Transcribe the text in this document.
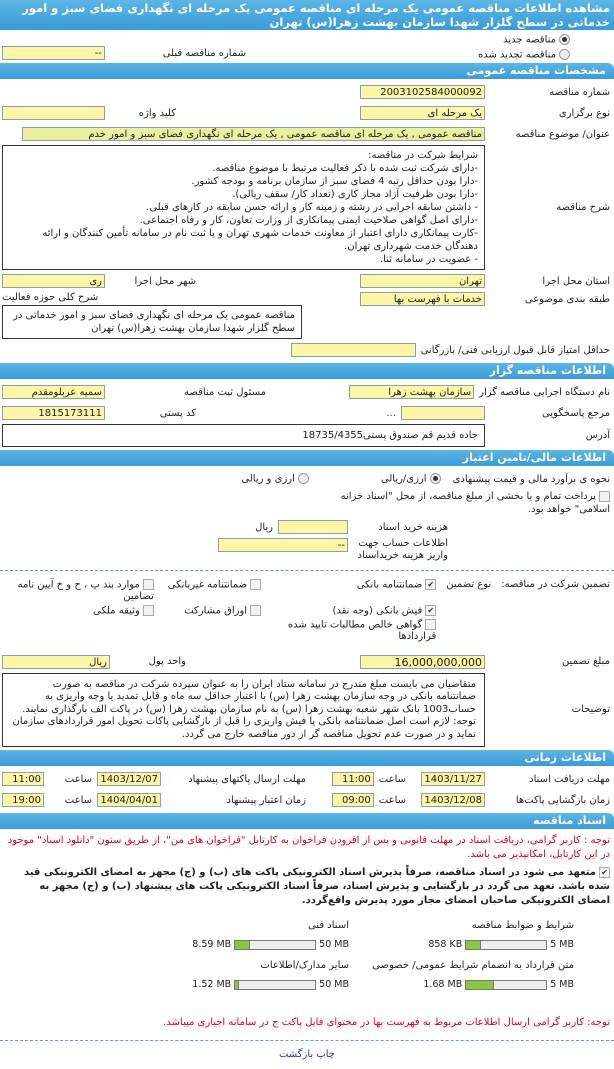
مشاهده اطلاعات مناقصه عمومی یک مرحله ای مناقصه عمومی یک مرحله ای نگهداری فضای سبز و امور خدماتی در سطح گلزار شهدا سازمان بهشت زهرا(س) تهران
مناقصه جدید
مناقصه تجدید شده
شماره مناقصه قبلی
--
مشخصات مناقصه عمومی
شماره مناقصه
2003102584000092
نوع برگزاری
یک مرحله ای
کلید واژه
عنوان/ موضوع مناقصه
مناقصه عمومی , یک مرحله ای مناقصه عمومی , یک مرحله ای نگهداری فضای سبز و امور خدم
شرح مناقصه
شرایط شرکت در مناقصه:
-دارای شرکت ثبت شده با ذکر فعالیت مرتبط با موضوع مناقصه.
-دارا بودن حداقل رتبه 4 فضای سبز از سازمان برنامه و بودجه کشور.
-دارا بودن ظرفیت آزاد مجاز کاری (تعداد کار/ سقف ریالی).
- داشتن سابقه اجرایی در رشته و زمینه کار و ارائه حسن سابقه در کارهای قبلی.
-دارای اصل گواهی صلاحیت ایمنی پیمانکاری از وزارت تعاون، کار و رفاه اجتماعی.
-کارت پیمانکاری دارای اعتبار از معاونت خدمات شهری تهران و یا ثبت نام در سامانه تأمین کنندگان و ارائه دهندگان خدمت شهرداری تهران.
- عضویت در سامانه ثنا.
استان محل اجرا
تهران
شهر محل اجرا
ری
طبقه بندی موضوعی
خدمات با فهرست بها
شرح کلی حوزه فعالیت
مناقصه عمومی یک مرحله ای نگهداری فضای سبز و امور خدماتی در سطح گلزار شهدا سازمان بهشت زهرا(س) تهران
حداقل امتیاز قابل قبول ارزیابی فنی/ بازرگانی
اطلاعات مناقصه گزار
نام دستگاه اجرایی مناقصه گزار
سازمان بهشت زهرا
مسئول ثبت مناقصه
سمیه عربلومقدم
مرجع پاسخگویی
...
کد پستی
1815173111
آدرس
جاده قدیم قم صندوق پستی18735/4355
اطلاعات مالی/تامین اعتبار
نحوه ی برآورد مالی و قیمت پیشنهادی
ارزی/ریالی
ارزی و ریالی
پرداخت تمام و یا بخشی از مبلغ مناقصه، از محل "اسناد خزانه اسلامی" خواهد بود.
هزینه خرید اسناد
ریال
اطلاعات حساب جهت واریز هزینه خریداسناد
--
تضمین شرکت در مناقصه:
نوع تضمین
✔ضمانتنامه بانکی
ضمانتنامه غیربانکی
موارد بند پ ، ح و خ آیین نامه تضامین
✔فیش بانکی (وجه نقد)
اوراق مشارکت
وثیقه ملکی
گواهی خالص مطالبات تایید شده قراردادها
مبلغ تضمین
16,000,000,000
واحد پول
ریال
توضیحات
متقاضیان می بایست مبلغ مندرج در سامانه ستاد ایران را به عنوان سپرده شرکت در مناقصه به صورت ضمانتنامه بانکی در وجه سازمان بهشت زهرا (س) با اعتبار حداقل سه ماه و قابل تمدید یا وجه واریزی به حساب1003 بانک شهر شعبه بهشت زهرا (س) به نام سازمان بهشت زهرا (س) در پاکت الف بارگذاری نمایند.
توجه: لازم است اصل ضمانتنامه بانکی یا فیش واریزی را قبل از بازگشایی پاکات تحویل امور قراردادهای سازمان نماید و در صورت عدم تحویل مناقصه گر از دور مناقصه خارج می گردد.
اطلاعات زمانی
مهلت دریافت اسناد
1403/11/27
ساعت
11:00
مهلت ارسال پاکتهای پیشنهاد
1403/12/07
ساعت
11:00
زمان بازگشایی پاکت‌ها
1403/12/08
ساعت
09:00
زمان اعتبار پیشنهاد
1404/04/01
ساعت
19:00
اسناد مناقصه
توجه : کاربر گرامی، دریافت اسناد در مهلت قانونی و پس از افزودن فراخوان به کارتابل "فراخوان های من"، از طریق ستون "دانلود اسناد" موجود در این کارتابل، امکانپذیر می باشد.
✔متعهد می شود در اسناد مناقصه، صرفاً پذیرش اسناد الکترونیکی پاکت های (ب) و (ج) مجهز به امضای الکترونیکی قید شده باشد. تعهد می گردد در بازگشایی و پذیرش اسناد، صرفاً اسناد الکترونیکی پاکت های پیشنهاد (ب) و (ج) مجهز به امضای الکترونیکی صاحبان امضای مجاز مورد پذیرش واقع‌گردد.
شرایط و ضوابط مناقصه
858 KB	5 MB
اسناد فنی
8.59 MB	50 MB
متن قرارداد به انضمام شرایط عمومی/ خصوصی
1.68 MB	5 MB
سایر مدارک/اطلاعات
1.52 MB	50 MB
توجه: کاربر گرامی ارسال اطلاعات مربوط به فهرست بها در محتوای فایل پاکت ج در سامانه اجباری میباشد.
چاپ بازگشت
